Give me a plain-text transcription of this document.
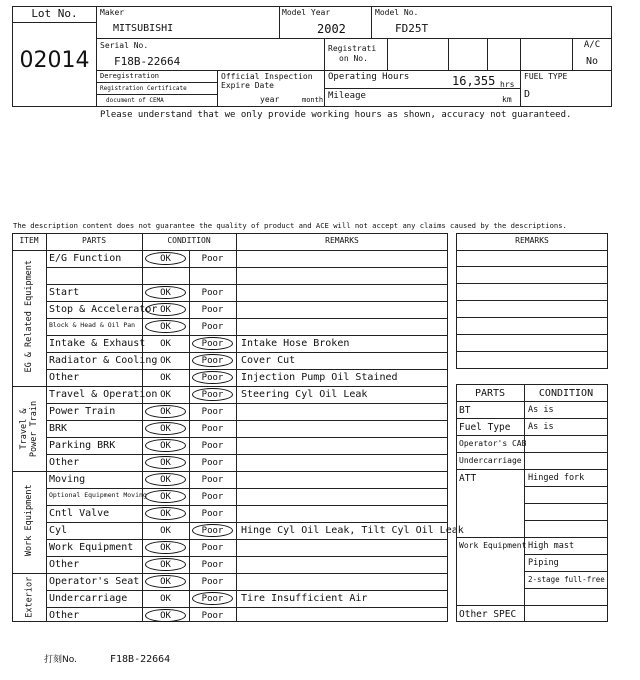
Lot No.
02014
Maker
MITSUBISHI
Model Year
2002
Model No.
FD25T
Serial No.
F18B-22664
Registrati
on No.
A/C
No
Deregistration
Registration Certificate
document of CEMA
Official Inspection
Expire Date
year	month
Operating Hours	16,355 hrs
Mileage	km
FUEL TYPE
D
Please understand that we only provide working hours as shown, accuracy not guaranteed.
The description content does not guarantee the quality of product and ACE will not accept any claims caused by the descriptions.
ITEM	PARTS	CONDITION	REMARKS
E/G Function	OK	Poor
Start	OK	Poor
Stop & Accelerator OK	Poor
Block & Head & Oil Pan	OK	Poor
Intake & Exhaust	OK	Poor	Intake Hose Broken
Radiator & Cooling OK	Poor	Cover Cut
Other	OK	Poor	Injection Pump Oil Stained
EG & Related Equipment
Travel & Operation OK	Poor	Steering Cyl Oil Leak
Power Train	OK	Poor
BRK	OK	Poor
Parking BRK	OK	Poor
Other	OK	Poor
Travel & Power Train
Moving	OK	Poor
Optional Equipment Moving	OK	Poor
Cntl Valve	OK	Poor
Cyl	OK	Poor	Hinge Cyl Oil Leak, Tilt Cyl Oil Leak
Work Equipment	OK	Poor
Other	OK	Poor
Work Equipment
Operator's Seat	OK	Poor
Undercarriage	OK	Poor	Tire Insufficient Air
Other	OK	Poor
Exterior
REMARKS
PARTS	CONDITION
BT	As is
Fuel Type As is
Operator's CAB
Undercarriage
ATT	Hinged fork
Work Equipment High mast
Piping
2-stage full-free
Other SPEC
打刻No.	F18B-22664
